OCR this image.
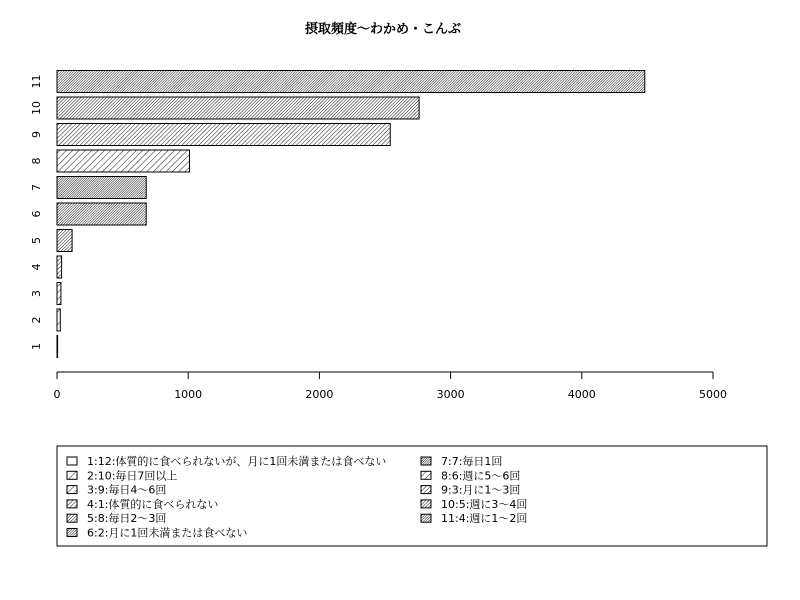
摂取頻度～わかめ・こんぶ
1
2
3
4
5
6
7
8
9
10
11
0	1000	2000	3000	4000	5000
1:12:体質的に食べられないが、月に1回未満または食べない
2:10:毎日7回以上
3:9:毎日4～6回
4:1:体質的に食べられない
5:8:毎日2～3回
6:2:月に1回未満または食べない
7:7:毎日1回
8:6:週に5～6回
9:3:月に1～3回
10:5:週に3～4回
11:4:週に1～2回
